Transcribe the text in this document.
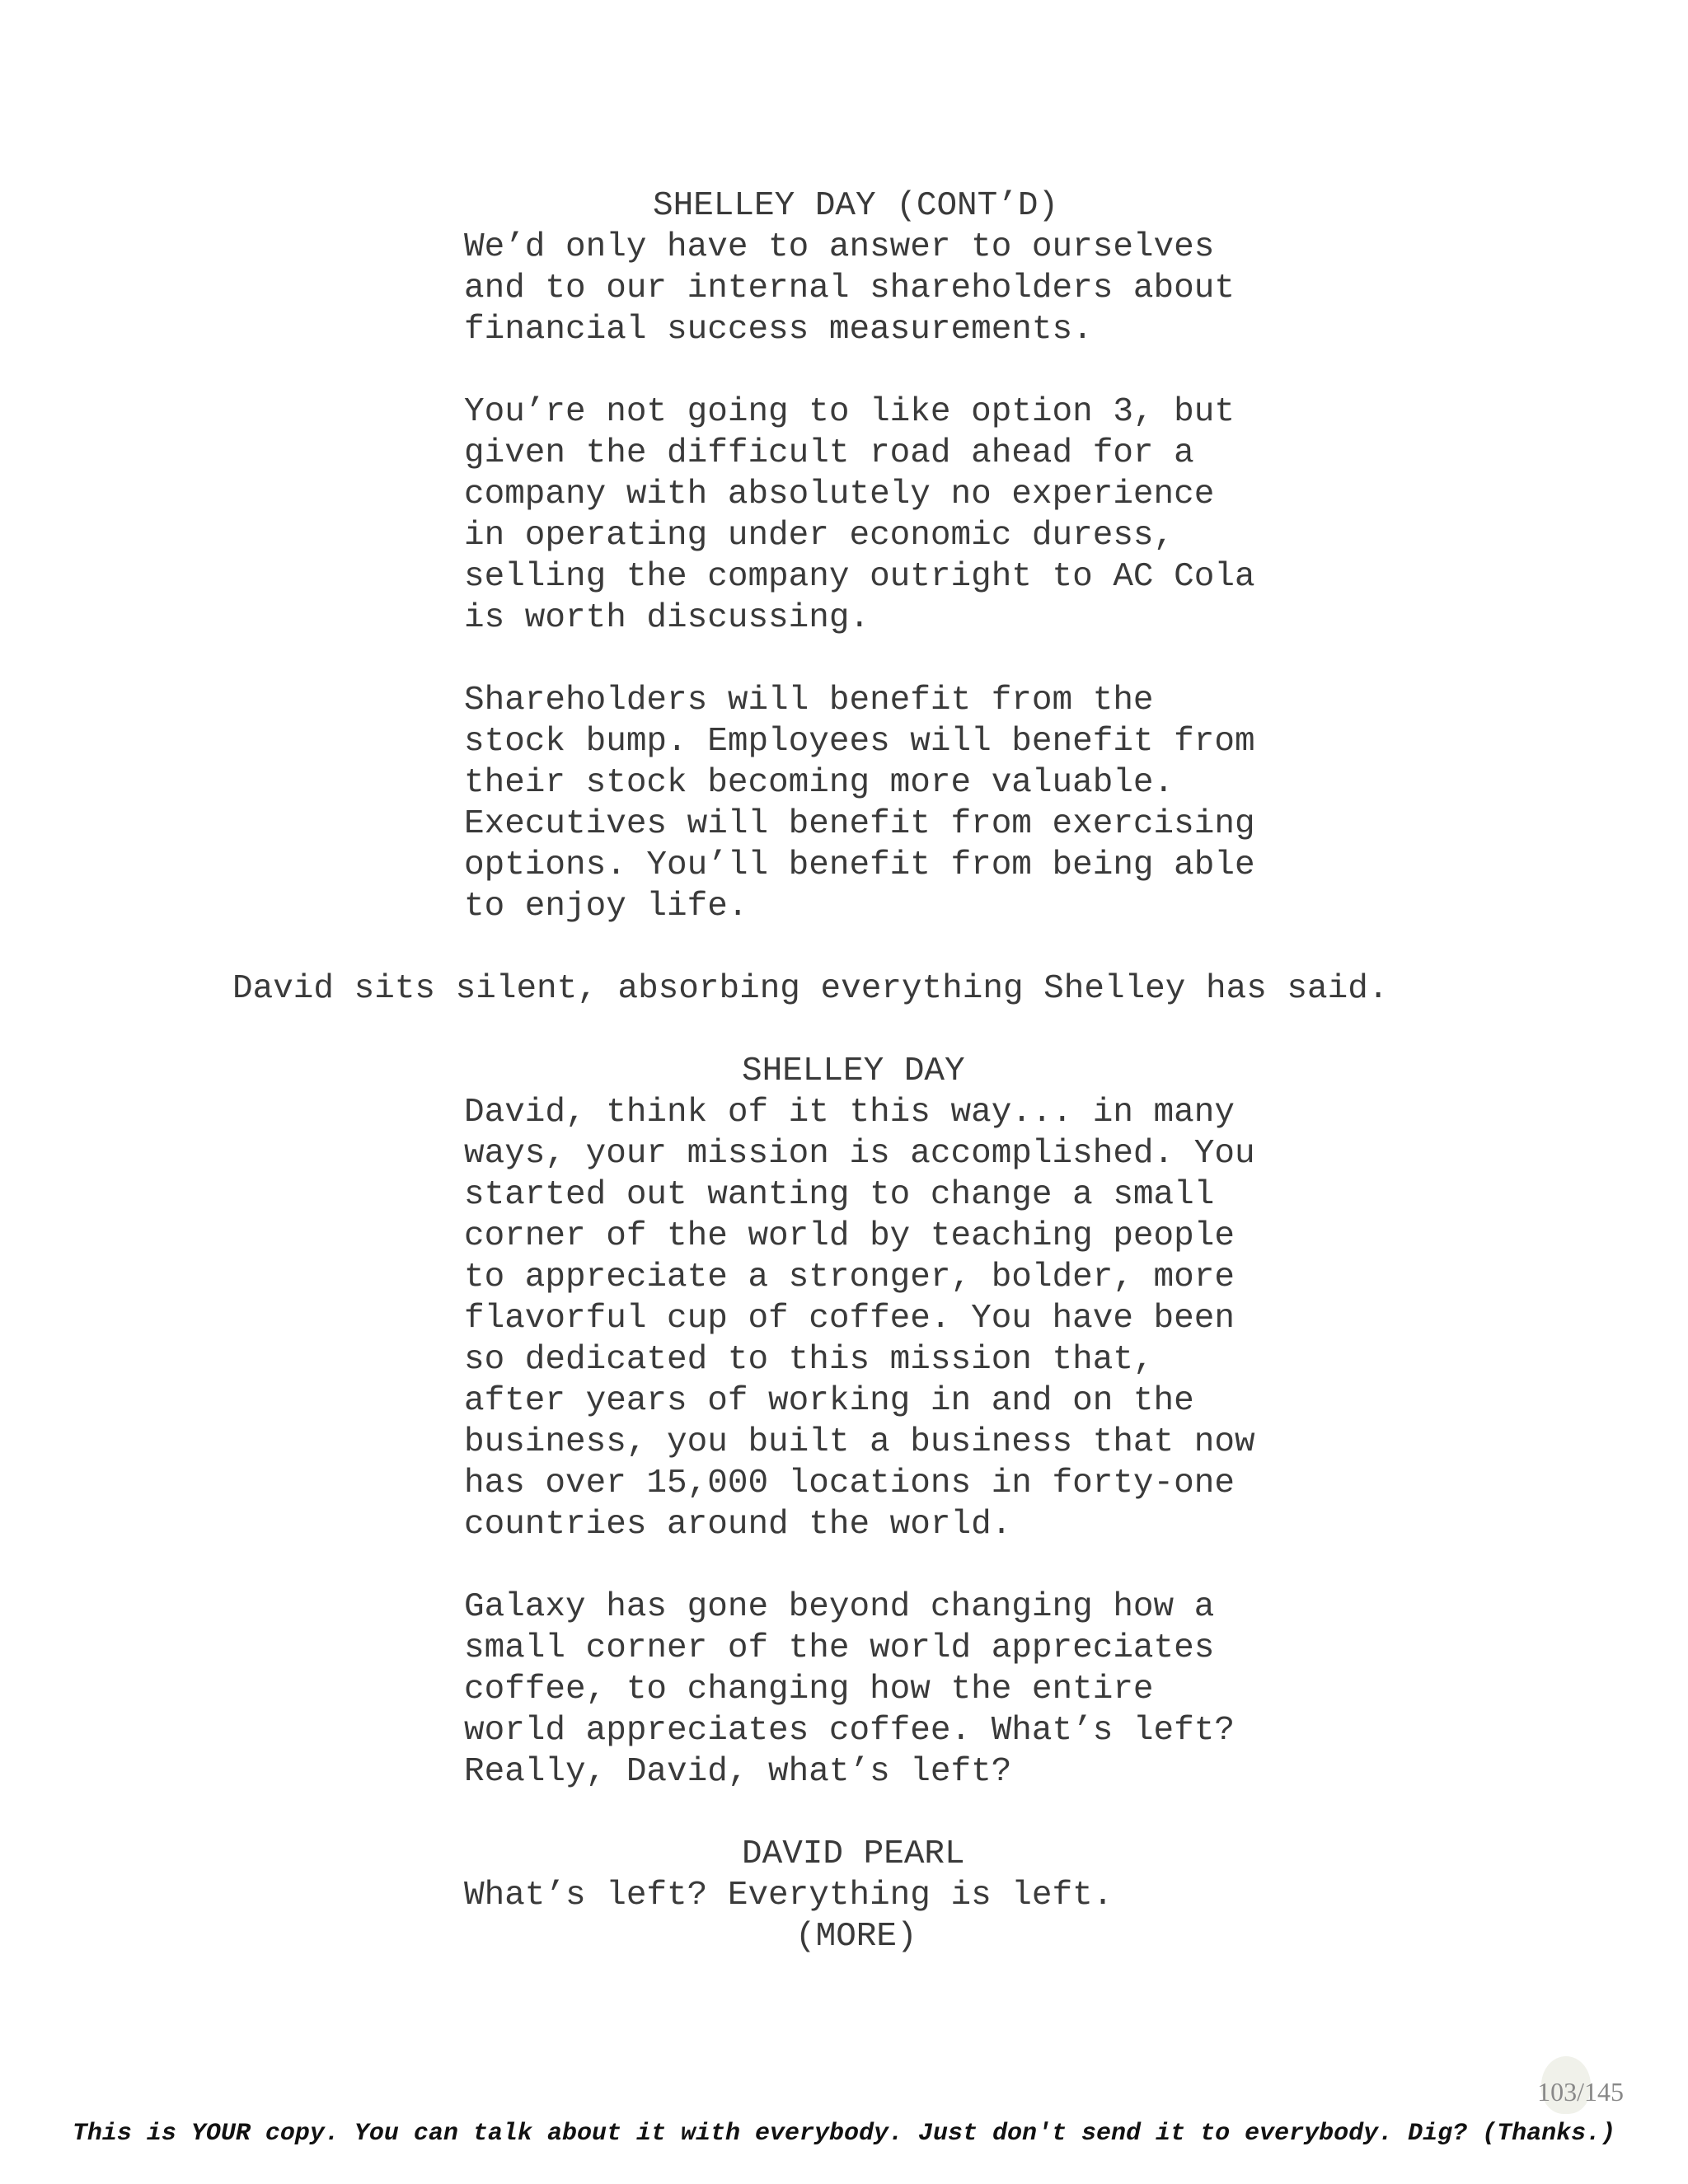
SHELLEY DAY (CONT’D)
We’d only have to answer to ourselves
and to our internal shareholders about
financial success measurements.
You’re not going to like option 3, but
given the difficult road ahead for a
company with absolutely no experience
in operating under economic duress,
selling the company outright to AC Cola
is worth discussing.
Shareholders will benefit from the
stock bump. Employees will benefit from
their stock becoming more valuable.
Executives will benefit from exercising
options. You’ll benefit from being able
to enjoy life.
David sits silent, absorbing everything Shelley has said.
SHELLEY DAY
David, think of it this way... in many
ways, your mission is accomplished. You
started out wanting to change a small
corner of the world by teaching people
to appreciate a stronger, bolder, more
flavorful cup of coffee. You have been
so dedicated to this mission that,
after years of working in and on the
business, you built a business that now
has over 15,000 locations in forty-one
countries around the world.
Galaxy has gone beyond changing how a
small corner of the world appreciates
coffee, to changing how the entire
world appreciates coffee. What’s left?
Really, David, what’s left?
DAVID PEARL
What’s left? Everything is left.
(MORE)
103/145
This is YOUR copy. You can talk about it with everybody. Just don't send it to everybody. Dig? (Thanks.)
